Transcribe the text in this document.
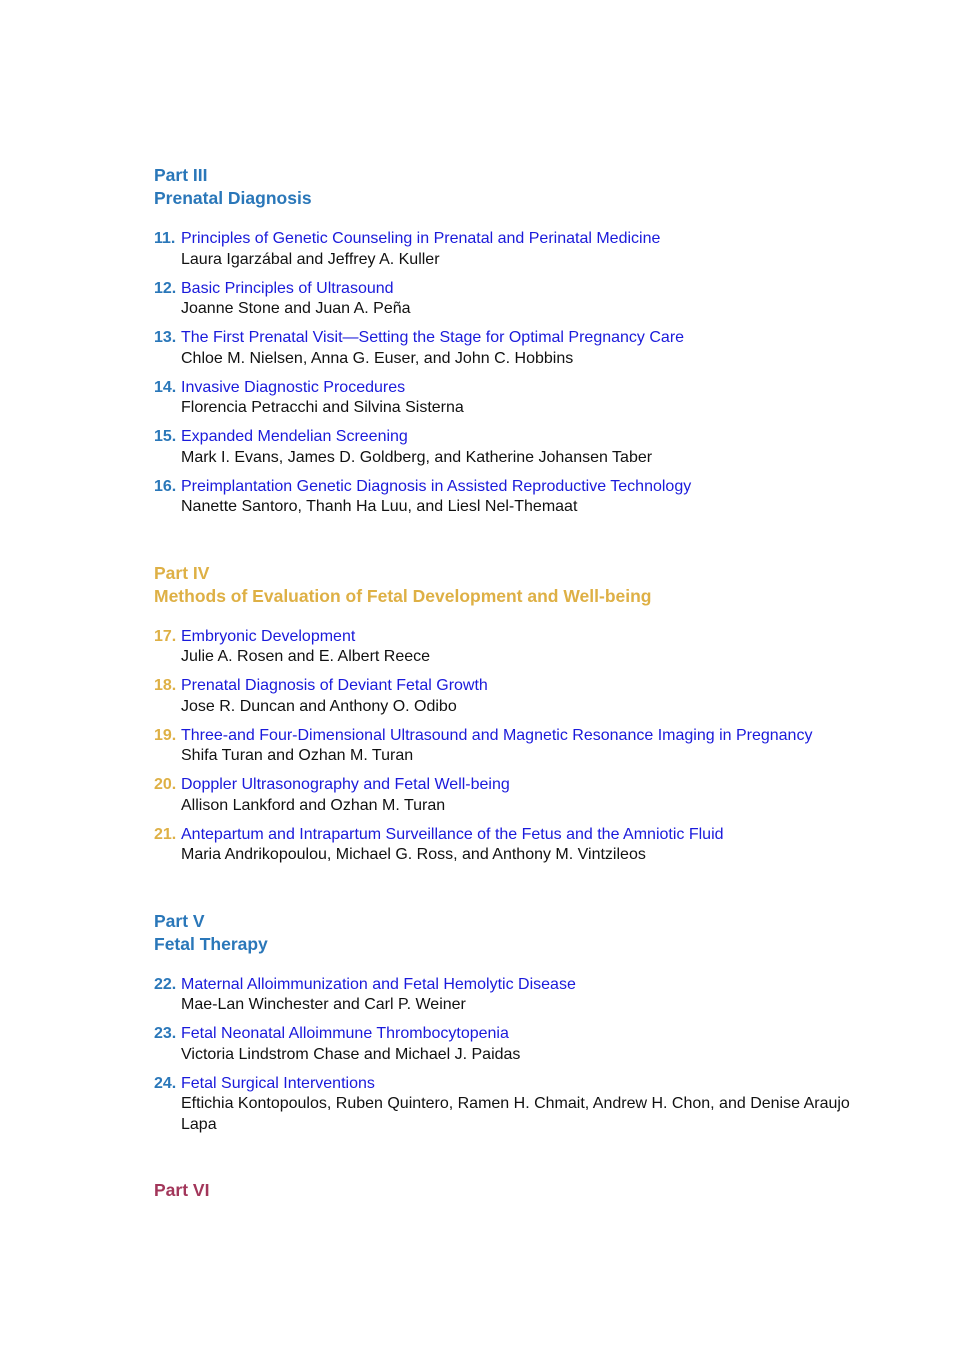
Part III
Prenatal Diagnosis
11. Principles of Genetic Counseling in Prenatal and Perinatal Medicine
Laura Igarzábal and Jeffrey A. Kuller
12. Basic Principles of Ultrasound
Joanne Stone and Juan A. Peña
13. The First Prenatal Visit—Setting the Stage for Optimal Pregnancy Care
Chloe M. Nielsen, Anna G. Euser, and John C. Hobbins
14. Invasive Diagnostic Procedures
Florencia Petracchi and Silvina Sisterna
15. Expanded Mendelian Screening
Mark I. Evans, James D. Goldberg, and Katherine Johansen Taber
16. Preimplantation Genetic Diagnosis in Assisted Reproductive Technology
Nanette Santoro, Thanh Ha Luu, and Liesl Nel-Themaat
Part IV
Methods of Evaluation of Fetal Development and Well-being
17. Embryonic Development
Julie A. Rosen and E. Albert Reece
18. Prenatal Diagnosis of Deviant Fetal Growth
Jose R. Duncan and Anthony O. Odibo
19. Three-and Four-Dimensional Ultrasound and Magnetic Resonance Imaging in Pregnancy
Shifa Turan and Ozhan M. Turan
20. Doppler Ultrasonography and Fetal Well-being
Allison Lankford and Ozhan M. Turan
21. Antepartum and Intrapartum Surveillance of the Fetus and the Amniotic Fluid
Maria Andrikopoulou, Michael G. Ross, and Anthony M. Vintzileos
Part V
Fetal Therapy
22. Maternal Alloimmunization and Fetal Hemolytic Disease
Mae-Lan Winchester and Carl P. Weiner
23. Fetal Neonatal Alloimmune Thrombocytopenia
Victoria Lindstrom Chase and Michael J. Paidas
24. Fetal Surgical Interventions
Eftichia Kontopoulos, Ruben Quintero, Ramen H. Chmait, Andrew H. Chon, and Denise Araujo Lapa
Part VI
